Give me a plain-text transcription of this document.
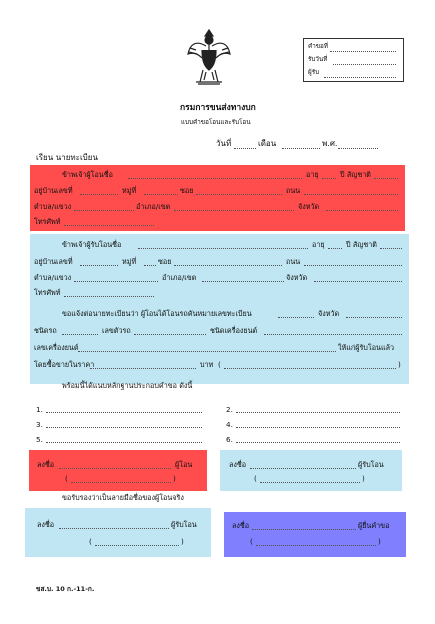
คำขอที่
รับวันที่
ผู้รับ
กรมการขนส่งทางบก
แบบคำขอโอนและรับโอน
วันที่	เดือน	พ.ศ.
เรียน นายทะเบียน
ข้าพเจ้าผู้โอนชื่อ	อายุ	ปี สัญชาติ
อยู่บ้านเลขที่	หมู่ที่	ซอย	ถนน
ตำบล/แขวง	อำเภอ/เขต	จังหวัด
โทรศัพท์
ข้าพเจ้าผู้รับโอนชื่อ	อายุ	ปี สัญชาติ
อยู่บ้านเลขที่	หมู่ที่	ซอย	ถนน
ตำบล/แขวง	อำเภอ/เขต	จังหวัด
โทรศัพท์
ขอแจ้งต่อนายทะเบียนว่า ผู้โอนได้โอนรถคันหมายเลขทะเบียน	จังหวัด
ชนิดรถ	เลขตัวรถ	ชนิดเครื่องยนต์
เลขเครื่องยนต์	ให้แก่ผู้รับโอนแล้ว
โดยซื้อขายในราคา	บาท (	)
พร้อมนี้ได้แนบหลักฐานประกอบคำขอ ดังนี้
1.
3.
5.
2.
4.
6.
ลงชื่อ	ผู้โอน
(	)
ลงชื่อ	ผู้รับโอน
(	)
ขอรับรองว่าเป็นลายมือชื่อของผู้โอนจริง
ลงชื่อ	ผู้รับโอน
(	)
ลงชื่อ	ผู้ยื่นคำขอ
(	)
ขส.บ. 10 ก.-11-ก.
